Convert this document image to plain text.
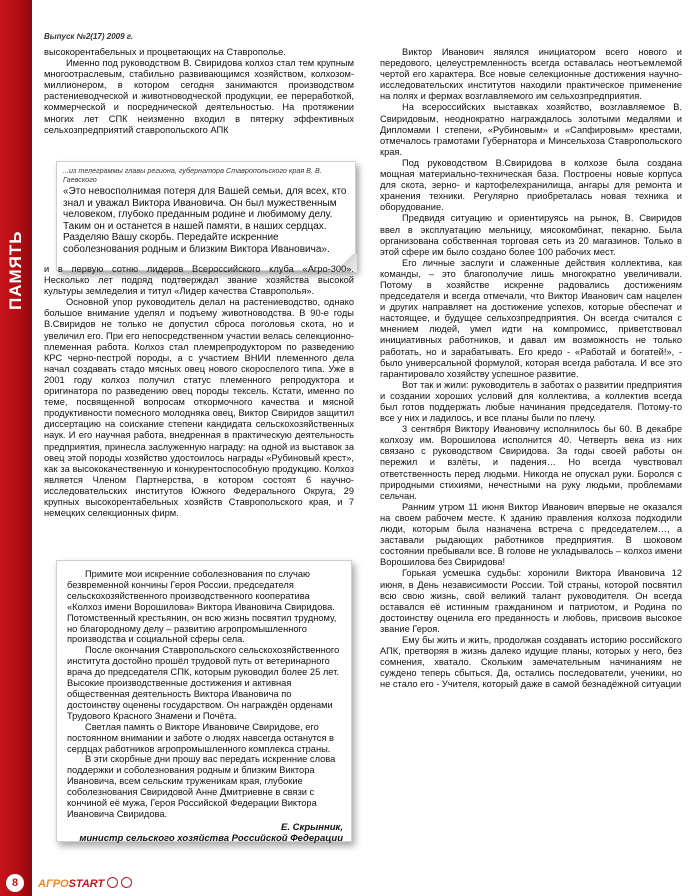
ПАМЯТЬ
Выпуск №2(17) 2009 г.

высокорентабельных и процветающих на Ставрополье.

Именно под руководством В. Свиридова колхоз стал тем крупным многоотраслевым, стабильно развивающимся хозяйством, колхозом-миллионером, в котором сегодня занимаются производством растениеводческой и животноводческой продукции, ее переработкой, коммерческой и посреднической деятельностью. На протяжении многих лет СПК неизменно входил в пятерку эффективных сельхозпредприятий ставропольского АПК

...из телеграммы главы региона, губернатора Ставропольского края В. В. Гаевского
«Это невосполнимая потеря для Вашей семьи, для всех, кто знал и уважал Виктора Ивановича. Он был мужественным человеком, глубоко преданным родине и любимому делу. Таким он и останется в нашей памяти, в наших сердцах. Разделяю Вашу скорбь. Передайте искренние соболезнования родным и близким Виктора Ивановича».

и в первую сотню лидеров Всероссийского клуба «Агро-300». Несколько лет подряд подтверждал звание хозяйства высокой культуры земледелия и титул «Лидер качества Ставрополья».

Основной упор руководитель делал на растениеводство, однако большое внимание уделял и подъему животноводства. В 90-е годы В.Свиридов не только не допустил сброса поголовья скота, но и увеличил его. При его непосредственном участии велась селекционно-племенная работа. Колхоз стал племрепродуктором по разведению КРС черно-пестрой породы, а с участием ВНИИ племенного дела начал создавать стадо мясных овец нового скороспелого типа. Уже в 2001 году колхоз получил статус племенного репродуктора и оригинатора по разведению овец породы тексель. Кстати, именно по теме, посвященной вопросам откормочного качества и мясной продуктивности помесного молодняка овец, Виктор Свиридов защитил диссертацию на соискание степени кандидата сельскохозяйственных наук. И его научная работа, внедренная в практическую деятельность предприятия, принесла заслуженную награду: на одной из выставок за овец этой породы хозяйство удостоилось награды «Рубиновый крест», как за высококачественную и конкурентоспособную продукцию. Колхоз является Членом Партнерства, в котором состоят 6 научно-исследовательских институтов Южного Федерального Округа, 29 крупных высокорентабельных хозяйств Ставропольского края, и 7 немецких селекционных фирм.

Примите мои искренние соболезнования по случаю безвременной кончины Героя России, председателя сельскохозяйственного производственного кооператива «Колхоз имени Ворошилова» Виктора Ивановича Свиридова. Потомственный крестьянин, он всю жизнь посвятил трудному, но благородному делу – развитию агропромышленного производства и социальной сферы села.

После окончания Ставропольского сельскохозяйственного института достойно прошёл трудовой путь от ветеринарного врача до председателя СПК, которым руководил более 25 лет. Высокие производственные достижения и активная общественная деятельность Виктора Ивановича по достоинству оценены государством. Он награждён орденами Трудового Красного Знамени и Почёта.

Светлая память о Викторе Ивановиче Свиридове, его постоянном внимании и заботе о людях навсегда останутся в сердцах работников агропромышленного комплекса страны.

В эти скорбные дни прошу вас передать искренние слова поддержки и соболезнования родным и близким Виктора Ивановича, всем сельским труженикам края, глубокие соболезнования Свиридовой Анне Дмитриевне в связи с кончиной её мужа, Героя Российской Федерации Виктора Ивановича Свиридова.

Е. Скрынник,
министр сельского хозяйства Российской Федерации

Виктор Иванович являлся инициатором всего нового и передового, целеустремленность всегда оставалась неотъемлемой чертой его характера. Все новые селекционные достижения научно-исследовательских институтов находили практическое применение на полях и фермах возглавляемого им сельхозпредприятия.

На всероссийских выставках хозяйство, возглавляемое В. Свиридовым, неоднократно награждалось золотыми медалями и Дипломами I степени, «Рубиновым» и «Сапфировым» крестами, отмечалось грамотами Губернатора и Минсельхоза Ставропольского края.

Под руководством В.Свиридова в колхозе была создана мощная материально-техническая база. Построены новые корпуса для скота, зерно- и картофелехранилища, ангары для ремонта и хранения техники. Регулярно приобреталась новая техника и оборудование.

Предвидя ситуацию и ориентируясь на рынок, В. Свиридов ввел в эксплуатацию мельницу, мясокомбинат, пекарню. Была организована собственная торговая сеть из 20 магазинов. Только в этой сфере им было создано более 100 рабочих мест.

Его личные заслуги и слаженные действия коллектива, как команды, – это благополучие лишь многократно увеличивали. Потому в хозяйстве искренне радовались достижениям председателя и всегда отмечали, что Виктор Иванович сам нацелен и других направляет на достижение успехов, которые обеспечат и настоящее, и будущее сельхозпредприятия. Он всегда считался с мнением людей, умел идти на компромисс, приветствовал инициативных работников, и давал им возможность не только работать, но и зарабатывать. Его кредо - «Работай и богатей!», - было универсальной формулой, которая всегда работала. И все это гарантировало хозяйству успешное развитие.

Вот так и жили: руководитель в заботах о развитии предприятия и создании хороших условий для коллектива, а коллектив всегда был готов поддержать любые начинания председателя. Потому-то все у них и ладилось, и все планы были по плечу.

3 сентября Виктору Ивановичу исполнилось бы 60. В декабре колхозу им. Ворошилова исполнится 40. Четверть века из них связано с руководством Свиридова. За годы своей работы он пережил и взлёты, и падения… Но всегда чувствовал ответственность перед людьми. Никогда не опускал руки. Боролся с природными стихиями, нечестными на руку людьми, проблемами сельчан.

Ранним утром 11 июня Виктор Иванович впервые не оказался на своем рабочем месте. К зданию правления колхоза подходили люди, которым была назначена встреча с председателем…, а заставали рыдающих работников предприятия. В шоковом состоянии пребывали все. В голове не укладывалось – колхоз имени Ворошилова без Свиридова!

Горькая усмешка судьбы: хоронили Виктора Ивановича 12 июня, в День независимости России. Той страны, которой посвятил всю свою жизнь, свой великий талант руководителя. Он всегда оставался её истинным гражданином и патриотом, и Родина по достоинству оценила его преданность и любовь, присвоив высокое звание Героя.

Ему бы жить и жить, продолжая создавать историю российского АПК, претворяя в жизнь далеко идущие планы, которых у него, без сомнения, хватало. Скольким замечательным начинаниям не суждено теперь сбыться. Да, остались последователи, ученики, но не стало его - Учителя, который даже в самой безнадёжной ситуации

8	АГРОSTART
